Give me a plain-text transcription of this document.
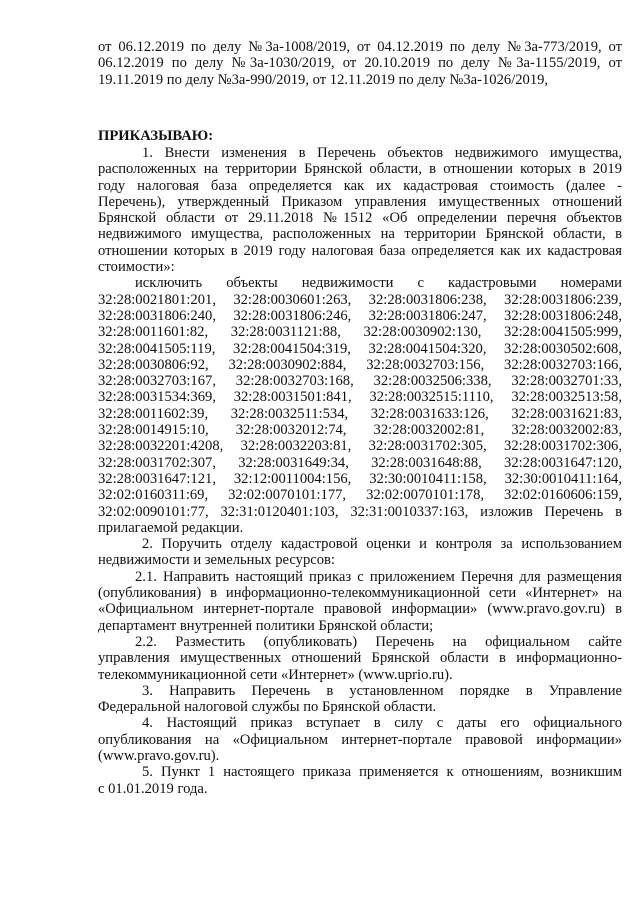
от 06.12.2019 по делу №3а-1008/2019, от 04.12.2019 по делу №3а-773/2019, от

06.12.2019 по делу №3а-1030/2019, от 20.10.2019 по делу №3а-1155/2019, от

19.11.2019 по делу №3а-990/2019, от 12.11.2019 по делу №3а-1026/2019,

ПРИКАЗЫВАЮ:

1. Внести изменения в Перечень объектов недвижимого имущества,

расположенных на территории Брянской области, в отношении которых в 2019

году налоговая база определяется как их кадастровая стоимость (далее -

Перечень), утвержденный Приказом управления имущественных отношений

Брянской области от 29.11.2018 №1512 «Об определении перечня объектов

недвижимого имущества, расположенных на территории Брянской области, в

отношении которых в 2019 году налоговая база определяется как их кадастровая

стоимости»:

исключить объекты недвижимости с кадастровыми номерами

32:28:0021801:201, 32:28:0030601:263, 32:28:0031806:238, 32:28:0031806:239,

32:28:0031806:240, 32:28:0031806:246, 32:28:0031806:247, 32:28:0031806:248,

32:28:0011601:82, 32:28:0031121:88, 32:28:0030902:130, 32:28:0041505:999,

32:28:0041505:119, 32:28:0041504:319, 32:28:0041504:320, 32:28:0030502:608,

32:28:0030806:92, 32:28:0030902:884, 32:28:0032703:156, 32:28:0032703:166,

32:28:0032703:167, 32:28:0032703:168, 32:28:0032506:338, 32:28:0032701:33,

32:28:0031534:369, 32:28:0031501:841, 32:28:0032515:1110, 32:28:0032513:58,

32:28:0011602:39, 32:28:0032511:534, 32:28:0031633:126, 32:28:0031621:83,

32:28:0014915:10, 32:28:0032012:74, 32:28:0032002:81, 32:28:0032002:83,

32:28:0032201:4208, 32:28:0032203:81, 32:28:0031702:305, 32:28:0031702:306,

32:28:0031702:307, 32:28:0031649:34, 32:28:0031648:88, 32:28:0031647:120,

32:28:0031647:121, 32:12:0011004:156, 32:30:0010411:158, 32:30:0010411:164,

32:02:0160311:69, 32:02:0070101:177, 32:02:0070101:178, 32:02:0160606:159,

32:02:0090101:77, 32:31:0120401:103, 32:31:0010337:163, изложив Перечень в

прилагаемой редакции.

2. Поручить отделу кадастровой оценки и контроля за использованием

недвижимости и земельных ресурсов:

2.1. Направить настоящий приказ с приложением Перечня для размещения

(опубликования) в информационно-телекоммуникационной сети «Интернет» на

«Официальном интернет-портале правовой информации» (www.pravo.gov.ru) в

департамент внутренней политики Брянской области;

2.2. Разместить (опубликовать) Перечень на официальном сайте

управления имущественных отношений Брянской области в информационно-

телекоммуникационной сети «Интернет» (www.uprio.ru).

3. Направить Перечень в установленном порядке в Управление

Федеральной налоговой службы по Брянской области.

4. Настоящий приказ вступает в силу с даты его официального

опубликования на «Официальном интернет-портале правовой информации»

(www.pravo.gov.ru).

5. Пункт 1 настоящего приказа применяется к отношениям, возникшим

с 01.01.2019 года.
